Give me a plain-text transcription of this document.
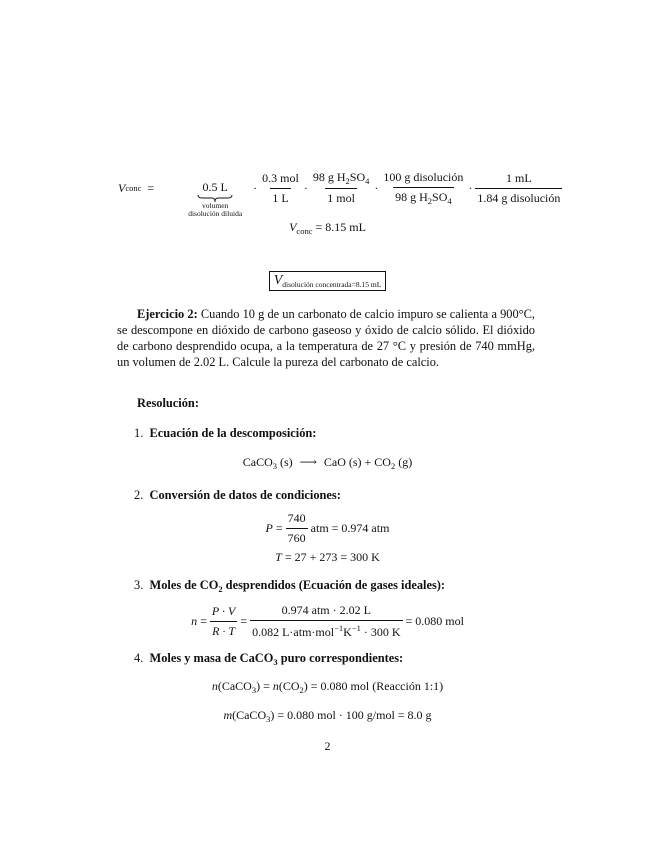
V conc =	0.5 L
volumen
disolución diluida
· $\frac{\text{0.3 mol}}{1 L} \cdot \frac{98 g H_2SO_4}{\text{1 mol}} \cdot \frac{\text{100 g disolución}}{98 g H_2SO_4} \cdot \frac{1 mL}{\text{1.84 g disolución}}$
$V_{conc} = 8.15$ mL
$V_{disolución concentrada=8.15 mL}$
Ejercicio 2: Cuando 10 g de un carbonato de calcio impuro se calienta a 900°C, se descompone en dióxido de carbono gaseoso y óxido de calcio sólido. El dióxido de carbono desprendido ocupa, a la temperatura de 27 °C y presión de 740 mmHg, un volumen de 2.02 L. Calcule la pureza del carbonato de calcio.
Resolución:
1. Ecuación de la descomposición:
CaCO$_3$ (s) ⟶ CaO $(s) + CO_2$ (g)
2. Conversión de datos de condiciones:
$P = \frac{740}{760}$
atm = 0.974 atm
T = 27 + 273 = 300 K
3. Moles de $CO_2$ desprendidos (Ecuación de gases ideales):
$n = \frac{P \cdot V}{R \cdot T} = \frac{\text{0.974 atm · 2.02 L}}{0.082 L\cdot atm\cdot mol^{-1}K^{-1} \cdot 300 K}$
= 0.080 mol
4. Moles y masa de CaCO$_3$ puro correspondientes:
n(CaCO$_3$) = $n(CO_2) = 0.080$ mol (Reacción 1:1)
m(CaCO$_3$) = 0.080 mol · 100 g/mol = 8.0 g
2
